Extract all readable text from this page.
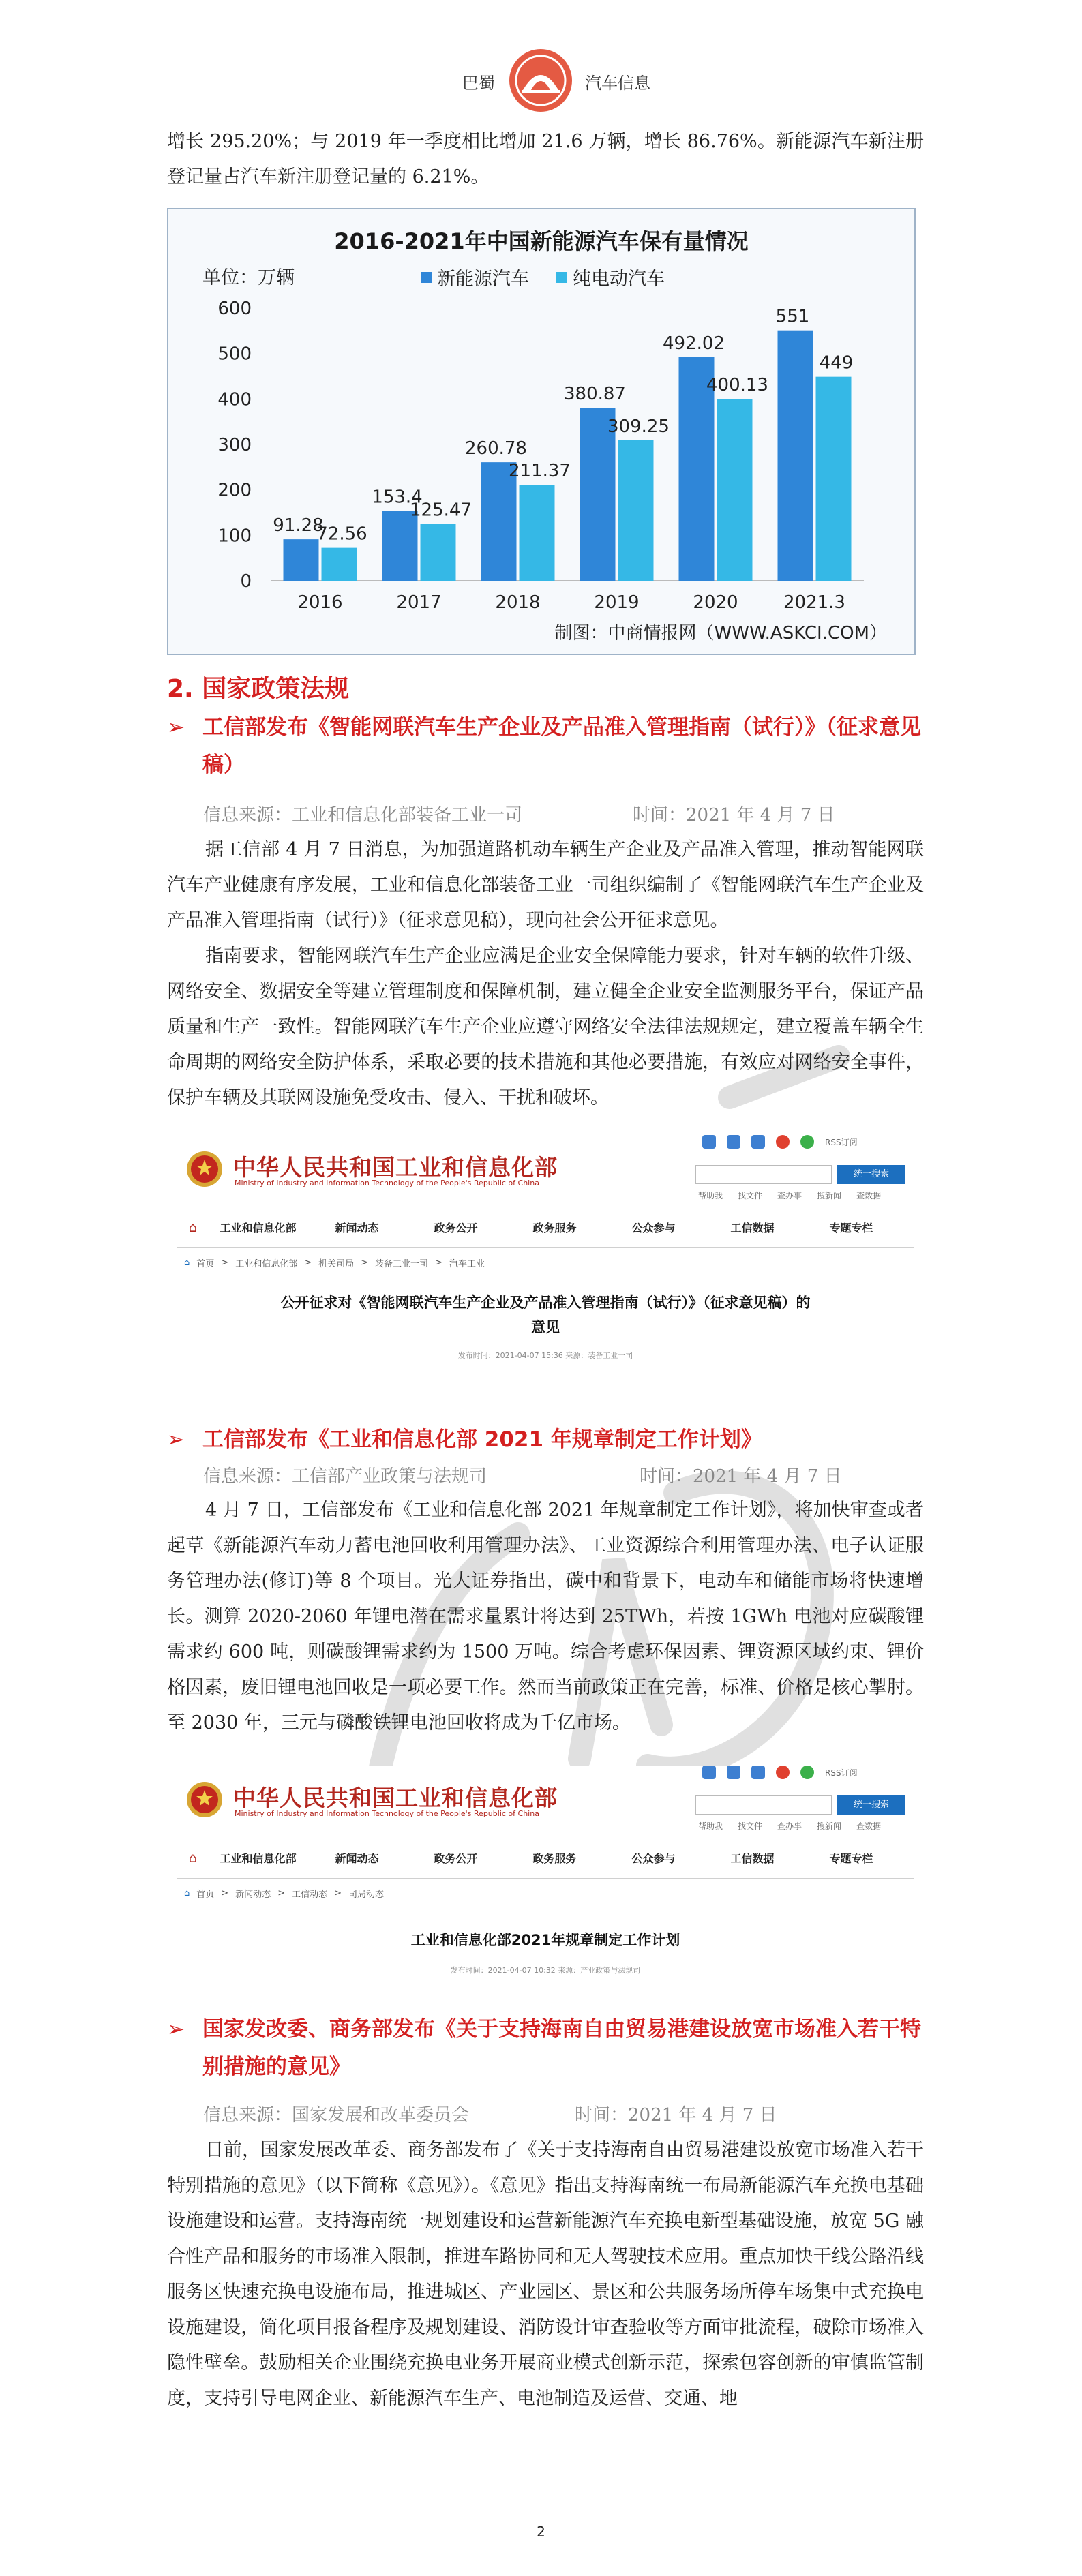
巴蜀	汽车信息

增长 295.20%；与 2019 年一季度相比增加 21.6 万辆，增长 86.76%。新能源汽车新注册登记量占汽车新注册登记量的 6.21%。

2016-2021年中国新能源汽车保有量情况
单位：万辆	新能源汽车 纯电动汽车
0
100
200
300
400
500
600
91.28
72.56
2016
153.4
125.47
2017
260.78
211.37
2018
380.87
309.25
2019
492.02
400.13
2020
551
449
2021.3
制图：中商情报网（WWW.ASKCI.COM）
2. 国家政策法规
➢ 工信部发布《智能网联汽车生产企业及产品准入管理指南（试行）》（征求意见稿）
信息来源：工业和信息化部装备工业一司	时间：2021 年 4 月 7 日

据工信部 4 月 7 日消息，为加强道路机动车辆生产企业及产品准入管理，推动智能网联汽车产业健康有序发展，工业和信息化部装备工业一司组织编制了《智能网联汽车生产企业及产品准入管理指南（试行）》（征求意见稿），现向社会公开征求意见。

指南要求，智能网联汽车生产企业应满足企业安全保障能力要求，针对车辆的软件升级、网络安全、数据安全等建立管理制度和保障机制，建立健全企业安全监测服务平台，保证产品质量和生产一致性。智能网联汽车生产企业应遵守网络安全法律法规规定，建立覆盖车辆全生命周期的网络安全防护体系，采取必要的技术措施和其他必要措施，有效应对网络安全事件，保护车辆及其联网设施免受攻击、侵入、干扰和破坏。

中华人民共和国工业和信息化部
Ministry of Industry and Information Technology of the People's Republic of China
RSS订阅
统一搜索
帮助我 找文件 查办事 搜新闻 查数据
⌂	工业和信息化部	新闻动态	政务公开	政务服务	公众参与	工信数据	专题专栏
⌂ 首页 > 工业和信息化部 > 机关司局 > 装备工业一司 > 汽车工业
公开征求对《智能网联汽车生产企业及产品准入管理指南（试行）》（征求意见稿）的意见
发布时间：2021-04-07 15:36 来源：装备工业一司
➢ 工信部发布《工业和信息化部 2021 年规章制定工作计划》
信息来源：工信部产业政策与法规司	时间：2021 年 4 月 7 日

4 月 7 日，工信部发布《工业和信息化部 2021 年规章制定工作计划》，将加快审查或者起草《新能源汽车动力蓄电池回收利用管理办法》、工业资源综合利用管理办法、电子认证服务管理办法(修订)等 8 个项目。光大证券指出，碳中和背景下，电动车和储能市场将快速增长。测算 2020-2060 年锂电潜在需求量累计将达到 25TWh，若按 1GWh 电池对应碳酸锂需求约 600 吨，则碳酸锂需求约为 1500 万吨。综合考虑环保因素、锂资源区域约束、锂价格因素，废旧锂电池回收是一项必要工作。然而当前政策正在完善，标准、价格是核心掣肘。至 2030 年，三元与磷酸铁锂电池回收将成为千亿市场。

中华人民共和国工业和信息化部
Ministry of Industry and Information Technology of the People's Republic of China
RSS订阅
统一搜索
帮助我 找文件 查办事 搜新闻 查数据
⌂	工业和信息化部	新闻动态	政务公开	政务服务	公众参与	工信数据	专题专栏
⌂ 首页 > 新闻动态 > 工信动态 > 司局动态
工业和信息化部2021年规章制定工作计划
发布时间：2021-04-07 10:32 来源：产业政策与法规司
➢ 国家发改委、商务部发布《关于支持海南自由贸易港建设放宽市场准入若干特别措施的意见》
信息来源：国家发展和改革委员会	时间：2021 年 4 月 7 日

日前，国家发展改革委、商务部发布了《关于支持海南自由贸易港建设放宽市场准入若干特别措施的意见》（以下简称《意见》）。《意见》指出支持海南统一布局新能源汽车充换电基础设施建设和运营。支持海南统一规划建设和运营新能源汽车充换电新型基础设施，放宽 5G 融合性产品和服务的市场准入限制，推进车路协同和无人驾驶技术应用。重点加快干线公路沿线服务区快速充换电设施布局，推进城区、产业园区、景区和公共服务场所停车场集中式充换电设施建设，简化项目报备程序及规划建设、消防设计审查验收等方面审批流程，破除市场准入隐性壁垒。鼓励相关企业围绕充换电业务开展商业模式创新示范，探索包容创新的审慎监管制度，支持引导电网企业、新能源汽车生产、电池制造及运营、交通、地

2
